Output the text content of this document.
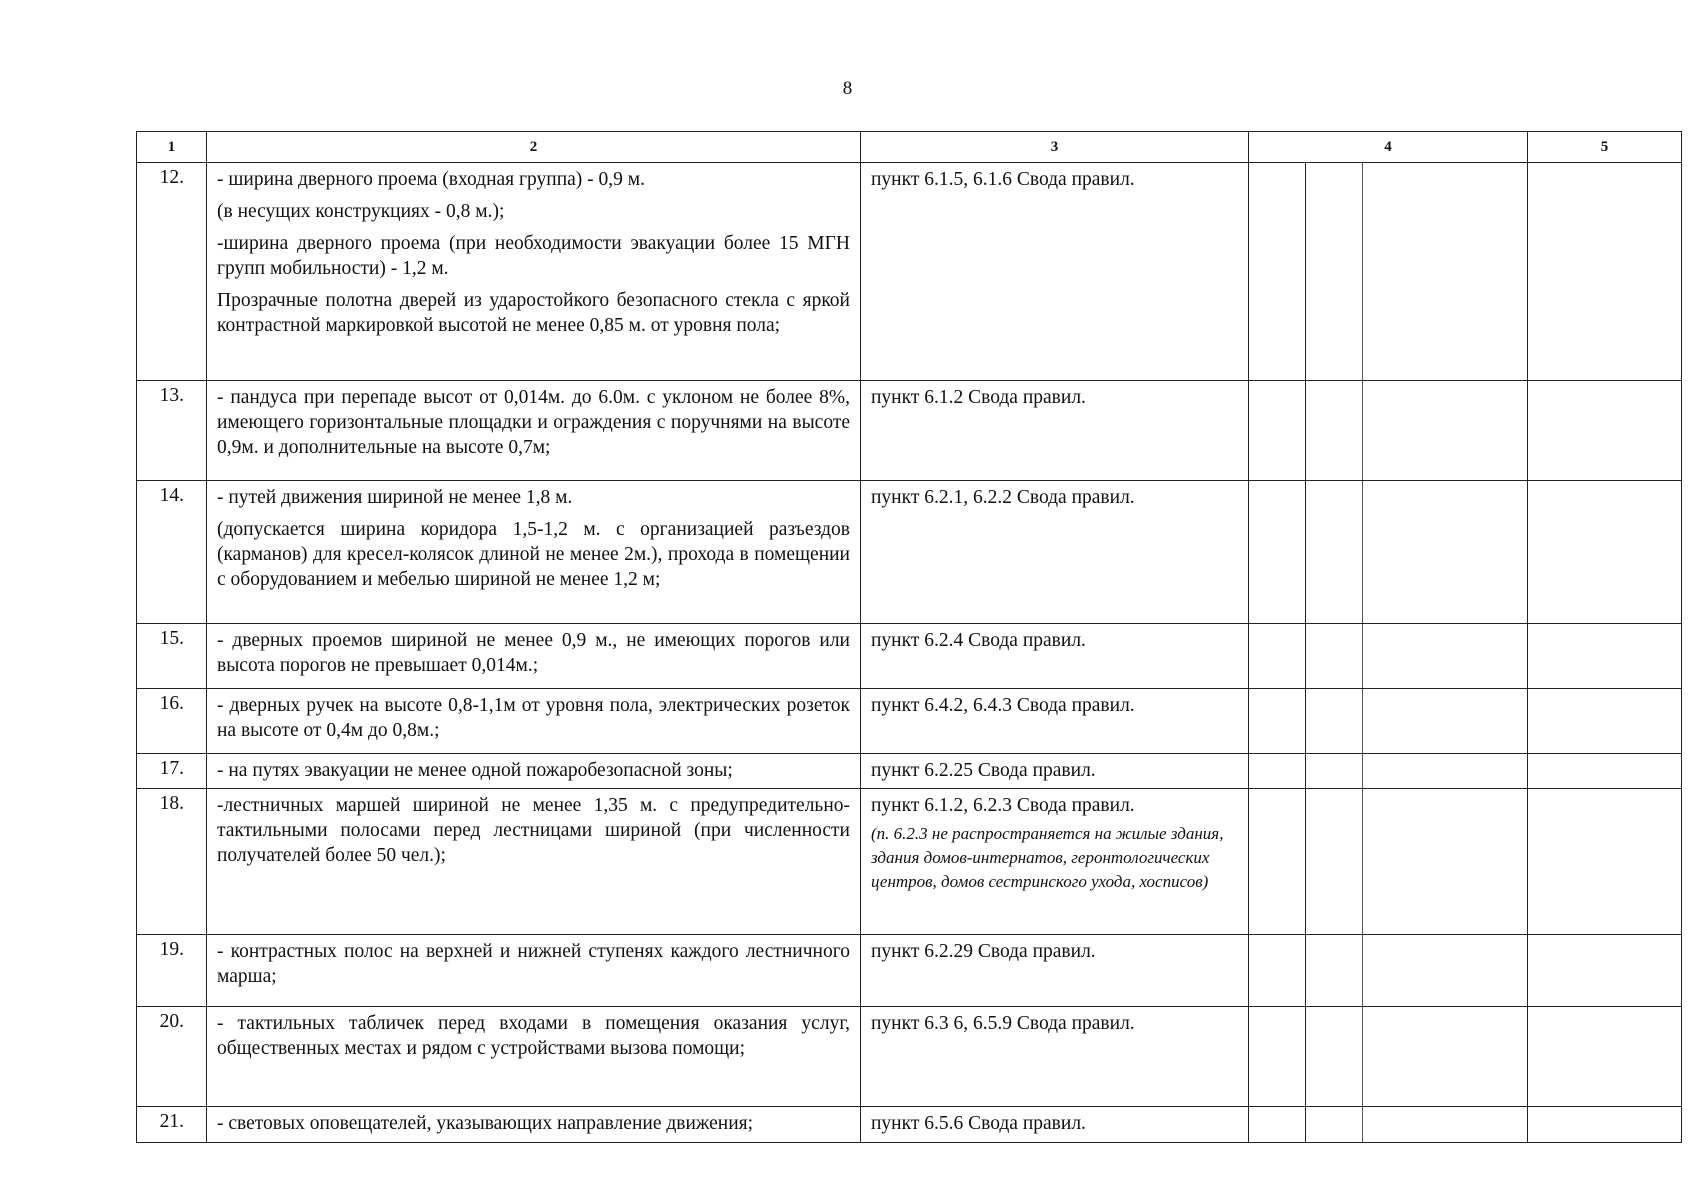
8
1	2	3	4			5
12.	- ширина дверного проема (входная группа) - 0,9 м.

(в несущих конструкциях - 0,8 м.);

-ширина дверного проема (при необходимости эвакуации более 15 МГН групп мобильности) - 1,2 м.

Прозрачные полотна дверей из ударостойкого безопасного стекла с яркой контрастной маркировкой высотой не менее 0,85 м. от уровня пола;	пункт 6.1.5, 6.1.6 Свода правил.				

13.	- пандуса при перепаде высот от 0,014м. до 6.0м. с уклоном не более 8%, имеющего горизонтальные площадки и ограждения с поручнями на высоте 0,9м. и дополнительные на высоте 0,7м;	пункт 6.1.2 Свода правил.				

14.	- путей движения шириной не менее 1,8 м.

(допускается ширина коридора 1,5-1,2 м. с организацией разъездов (карманов) для кресел-колясок длиной не менее 2м.), прохода в помещении с оборудованием и мебелью шириной не менее 1,2 м;	пункт 6.2.1, 6.2.2 Свода правил.				

15.	- дверных проемов шириной не менее 0,9 м., не имеющих порогов или высота порогов не превышает 0,014м.;	пункт 6.2.4 Свода правил.				

16.	- дверных ручек на высоте 0,8-1,1м от уровня пола, электрических розеток на высоте от 0,4м до 0,8м.;	пункт 6.4.2, 6.4.3 Свода правил.				

17.	- на путях эвакуации не менее одной пожаробезопасной зоны;	пункт 6.2.25 Свода правил.				

18.	-лестничных маршей шириной не менее 1,35 м. с предупредительно-тактильными полосами перед лестницами шириной (при численности получателей более 50 чел.);	пункт 6.1.2, 6.2.3 Свода правил.
(п. 6.2.3 не распространяется на жилые здания, здания домов-интернатов, геронтологических центров, домов сестринского ухода, хосписов)				

19.	- контрастных полос на верхней и нижней ступенях каждого лестничного марша;	пункт 6.2.29 Свода правил.				

20.	- тактильных табличек перед входами в помещения оказания услуг, общественных местах и рядом с устройствами вызова помощи;	пункт 6.3 6, 6.5.9 Свода правил.				

21.	- световых оповещателей, указывающих направление движения;	пункт 6.5.6 Свода правил.				
